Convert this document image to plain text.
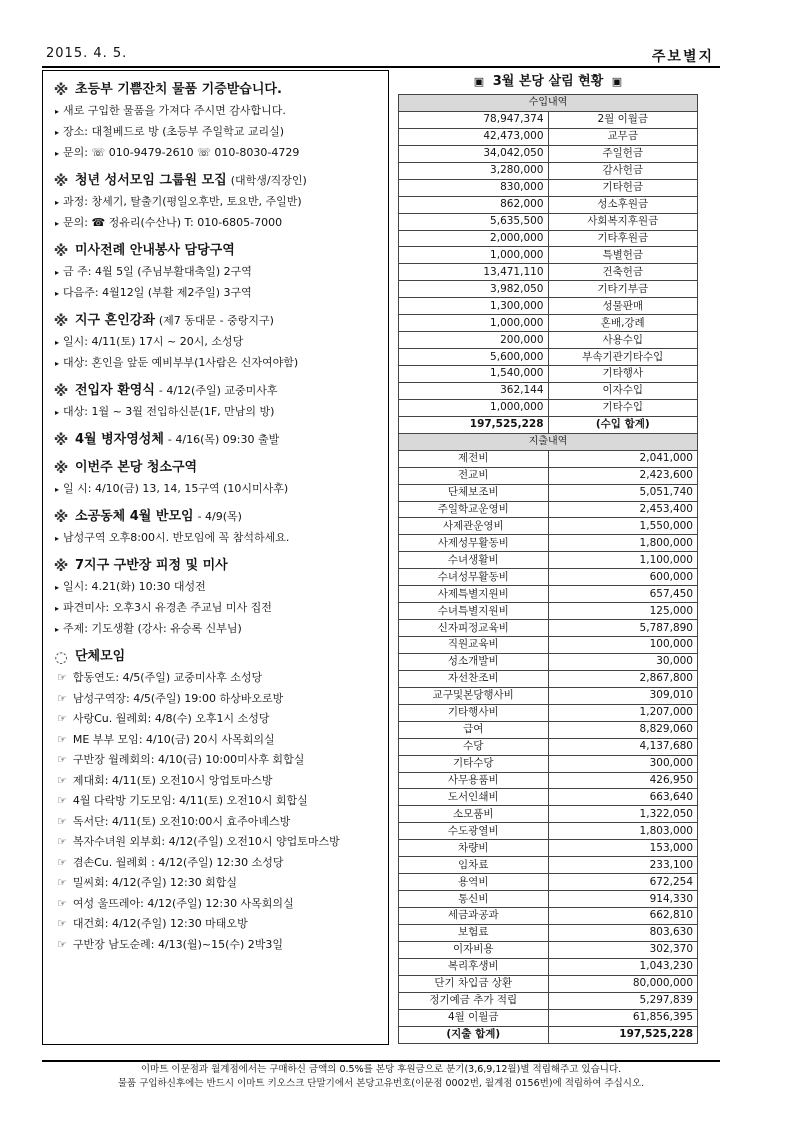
2015. 4. 5.	주보별지
※ 초등부 기쁨잔치 물품 기증받습니다.
▸ 새로 구입한 물품을 가져다 주시면 감사합니다.
▸ 장소: 대철베드로 방 (초등부 주일학교 교리실)
▸ 문의: ☏ 010-9479-2610 ☏ 010-8030-4729
※ 청년 성서모임 그룹원 모집 (대학생/직장인)
▸ 과정: 창세기, 탈출기(평일오후반, 토요반, 주일반)
▸ 문의: ☎ 정유리(수산나) T: 010-6805-7000
※ 미사전례 안내봉사 담당구역
▸ 금 주: 4월 5일 (주님부활대축일) 2구역
▸ 다음주: 4월12일 (부활 제2주일) 3구역
※ 지구 혼인강좌 (제7 동대문 - 중랑지구)
▸ 일시: 4/11(토) 17시 ~ 20시, 소성당
▸ 대상: 혼인을 앞둔 예비부부(1사람은 신자여야함)
※ 전입자 환영식 - 4/12(주일) 교중미사후
▸ 대상: 1월 ~ 3월 전입하신분(1F, 만남의 방)
※ 4월 병자영성체 - 4/16(목) 09:30 출발
※ 이번주 본당 청소구역
▸ 일 시: 4/10(금) 13, 14, 15구역 (10시미사후)
※ 소공동체 4월 반모임 - 4/9(목)
▸ 남성구역 오후8:00시. 반모임에 꼭 참석하세요.
※ 7지구 구반장 피정 및 미사
▸ 일시: 4.21(화) 10:30 대성전
▸ 파견미사: 오후3시 유경촌 주교님 미사 집전
▸ 주제: 기도생활 (강사: 유승록 신부님)
◌ 단체모임
☞ 합동연도: 4/5(주일) 교중미사후 소성당
☞ 남성구역장: 4/5(주일) 19:00 하상바오로방
☞ 사랑Cu. 월례회: 4/8(수) 오후1시 소성당
☞ ME 부부 모임: 4/10(금) 20시 사목회의실
☞ 구반장 월례회의: 4/10(금) 10:00미사후 회합실
☞ 제대회: 4/11(토) 오전10시 앙업토마스방
☞ 4월 다락방 기도모임: 4/11(토) 오전10시 회합실
☞ 독서단: 4/11(토) 오전10:00시 효주아녜스방
☞ 복자수녀원 외부회: 4/12(주일) 오전10시 양업토마스방
☞ 겸손Cu. 월례회 : 4/12(주일) 12:30 소성당
☞ 밀씨회: 4/12(주일) 12:30 회합실
☞ 여성 울뜨레아: 4/12(주일) 12:30 사목회의실
☞ 대건회: 4/12(주일) 12:30 마태오방
☞ 구반장 남도순례: 4/13(월)~15(수) 2박3일
▣ 3월 본당 살림 현황 ▣
수입내역	
78,947,374	2월 이월금
42,473,000	교무금
34,042,050	주일헌금
3,280,000	감사헌금
830,000	기타헌금
862,000	성소후원금
5,635,500	사회복지후원금
2,000,000	기타후원금
1,000,000	특별헌금
13,471,110	건축헌금
3,982,050	기타기부금
1,300,000	성물판매
1,000,000	혼배,강례
200,000	사용수입
5,600,000	부속기관기타수입
1,540,000	기타행사
362,144	이자수입
1,000,000	기타수입
197,525,228	(수입 합계)
지출내역	
제전비	2,041,000
전교비	2,423,600
단체보조비	5,051,740
주일학교운영비	2,453,400
사제관운영비	1,550,000
사제성무활동비	1,800,000
수녀생활비	1,100,000
수녀성무활동비	600,000
사제특별지원비	657,450
수녀특별지원비	125,000
신자피정교육비	5,787,890
직원교육비	100,000
성소개발비	30,000
자선찬조비	2,867,800
교구및본당행사비	309,010
기타행사비	1,207,000
급여	8,829,060
수당	4,137,680
기타수당	300,000
사무용품비	426,950
도서인쇄비	663,640
소모품비	1,322,050
수도광열비	1,803,000
차량비	153,000
임차료	233,100
용역비	672,254
통신비	914,330
세금과공과	662,810
보험료	803,630
이자비용	302,370
복리후생비	1,043,230
단기 차입금 상환	80,000,000
정기예금 추가 적립	5,297,839
4월 이월금	61,856,395
(지출 합계)	197,525,228
이마트 이문점과 월계점에서는 구매하신 금액의 0.5%를 본당 후원금으로 분기(3,6,9,12월)별 적립해주고 있습니다.
물품 구입하신후에는 반드시 이마트 키오스크 단말기에서 본당고유번호(이문점 0002번, 월계점 0156번)에 적립하여 주십시오.
